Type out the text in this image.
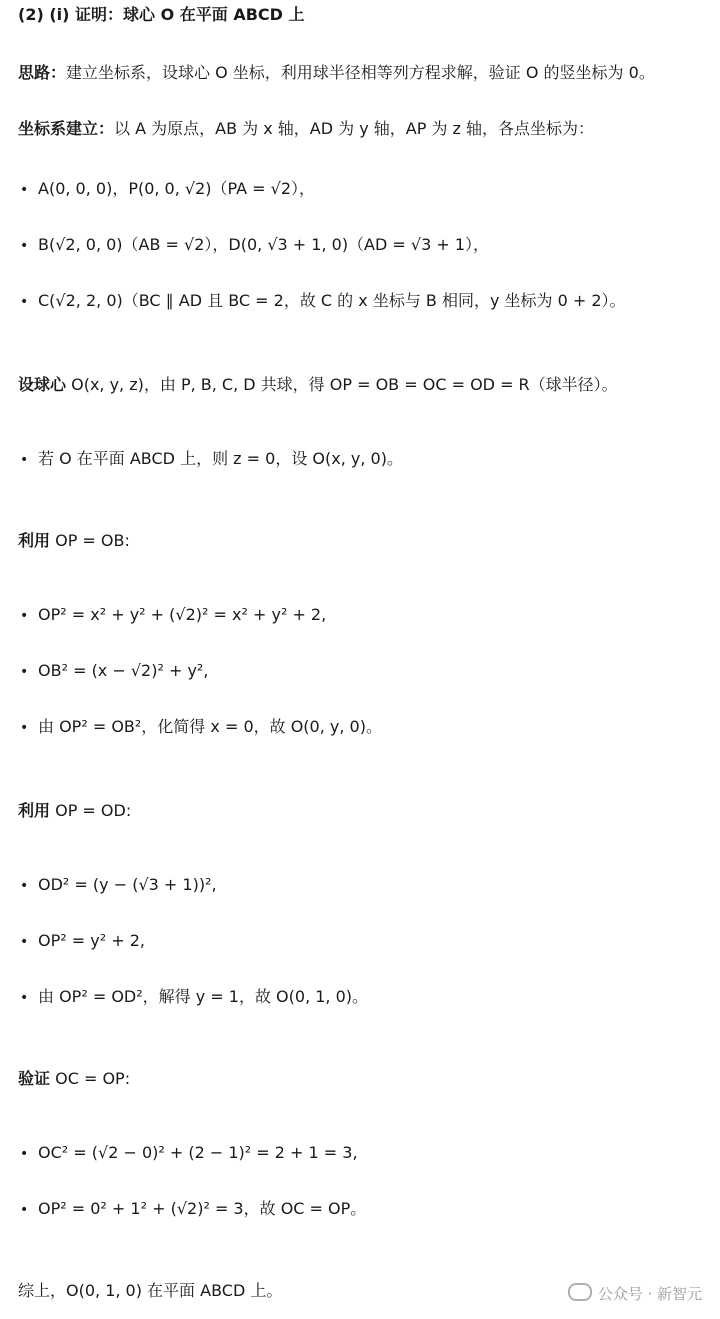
(2) (i) 证明：球心 O 在平面 ABCD 上
思路：建立坐标系，设球心 O 坐标，利用球半径相等列方程求解，验证 O 的竖坐标为 0。
坐标系建立：以 A 为原点，AB 为 x 轴，AD 为 y 轴，AP 为 z 轴，各点坐标为：
• A(0, 0, 0)，P(0, 0, √2)（PA = √2），
• B(√2, 0, 0)（AB = √2），D(0, √3 + 1, 0)（AD = √3 + 1），
• C(√2, 2, 0)（BC ∥ AD 且 BC = 2，故 C 的 x 坐标与 B 相同，y 坐标为 0 + 2）。
设球心 O(x, y, z)，由 P, B, C, D 共球，得 OP = OB = OC = OD = R（球半径）。
• 若 O 在平面 ABCD 上，则 z = 0，设 O(x, y, 0)。
利用 OP = OB:
• OP² = x² + y² + (√2)² = x² + y² + 2,
• OB² = (x − √2)² + y²,
• 由 OP² = OB²，化简得 x = 0，故 O(0, y, 0)。
利用 OP = OD:
• OD² = (y − (√3 + 1))²,
• OP² = y² + 2,
• 由 OP² = OD²，解得 y = 1，故 O(0, 1, 0)。
验证 OC = OP:
• OC² = (√2 − 0)² + (2 − 1)² = 2 + 1 = 3,
• OP² = 0² + 1² + (√2)² = 3，故 OC = OP。
综上，O(0, 1, 0) 在平面 ABCD 上。	公众号 · 新智元
